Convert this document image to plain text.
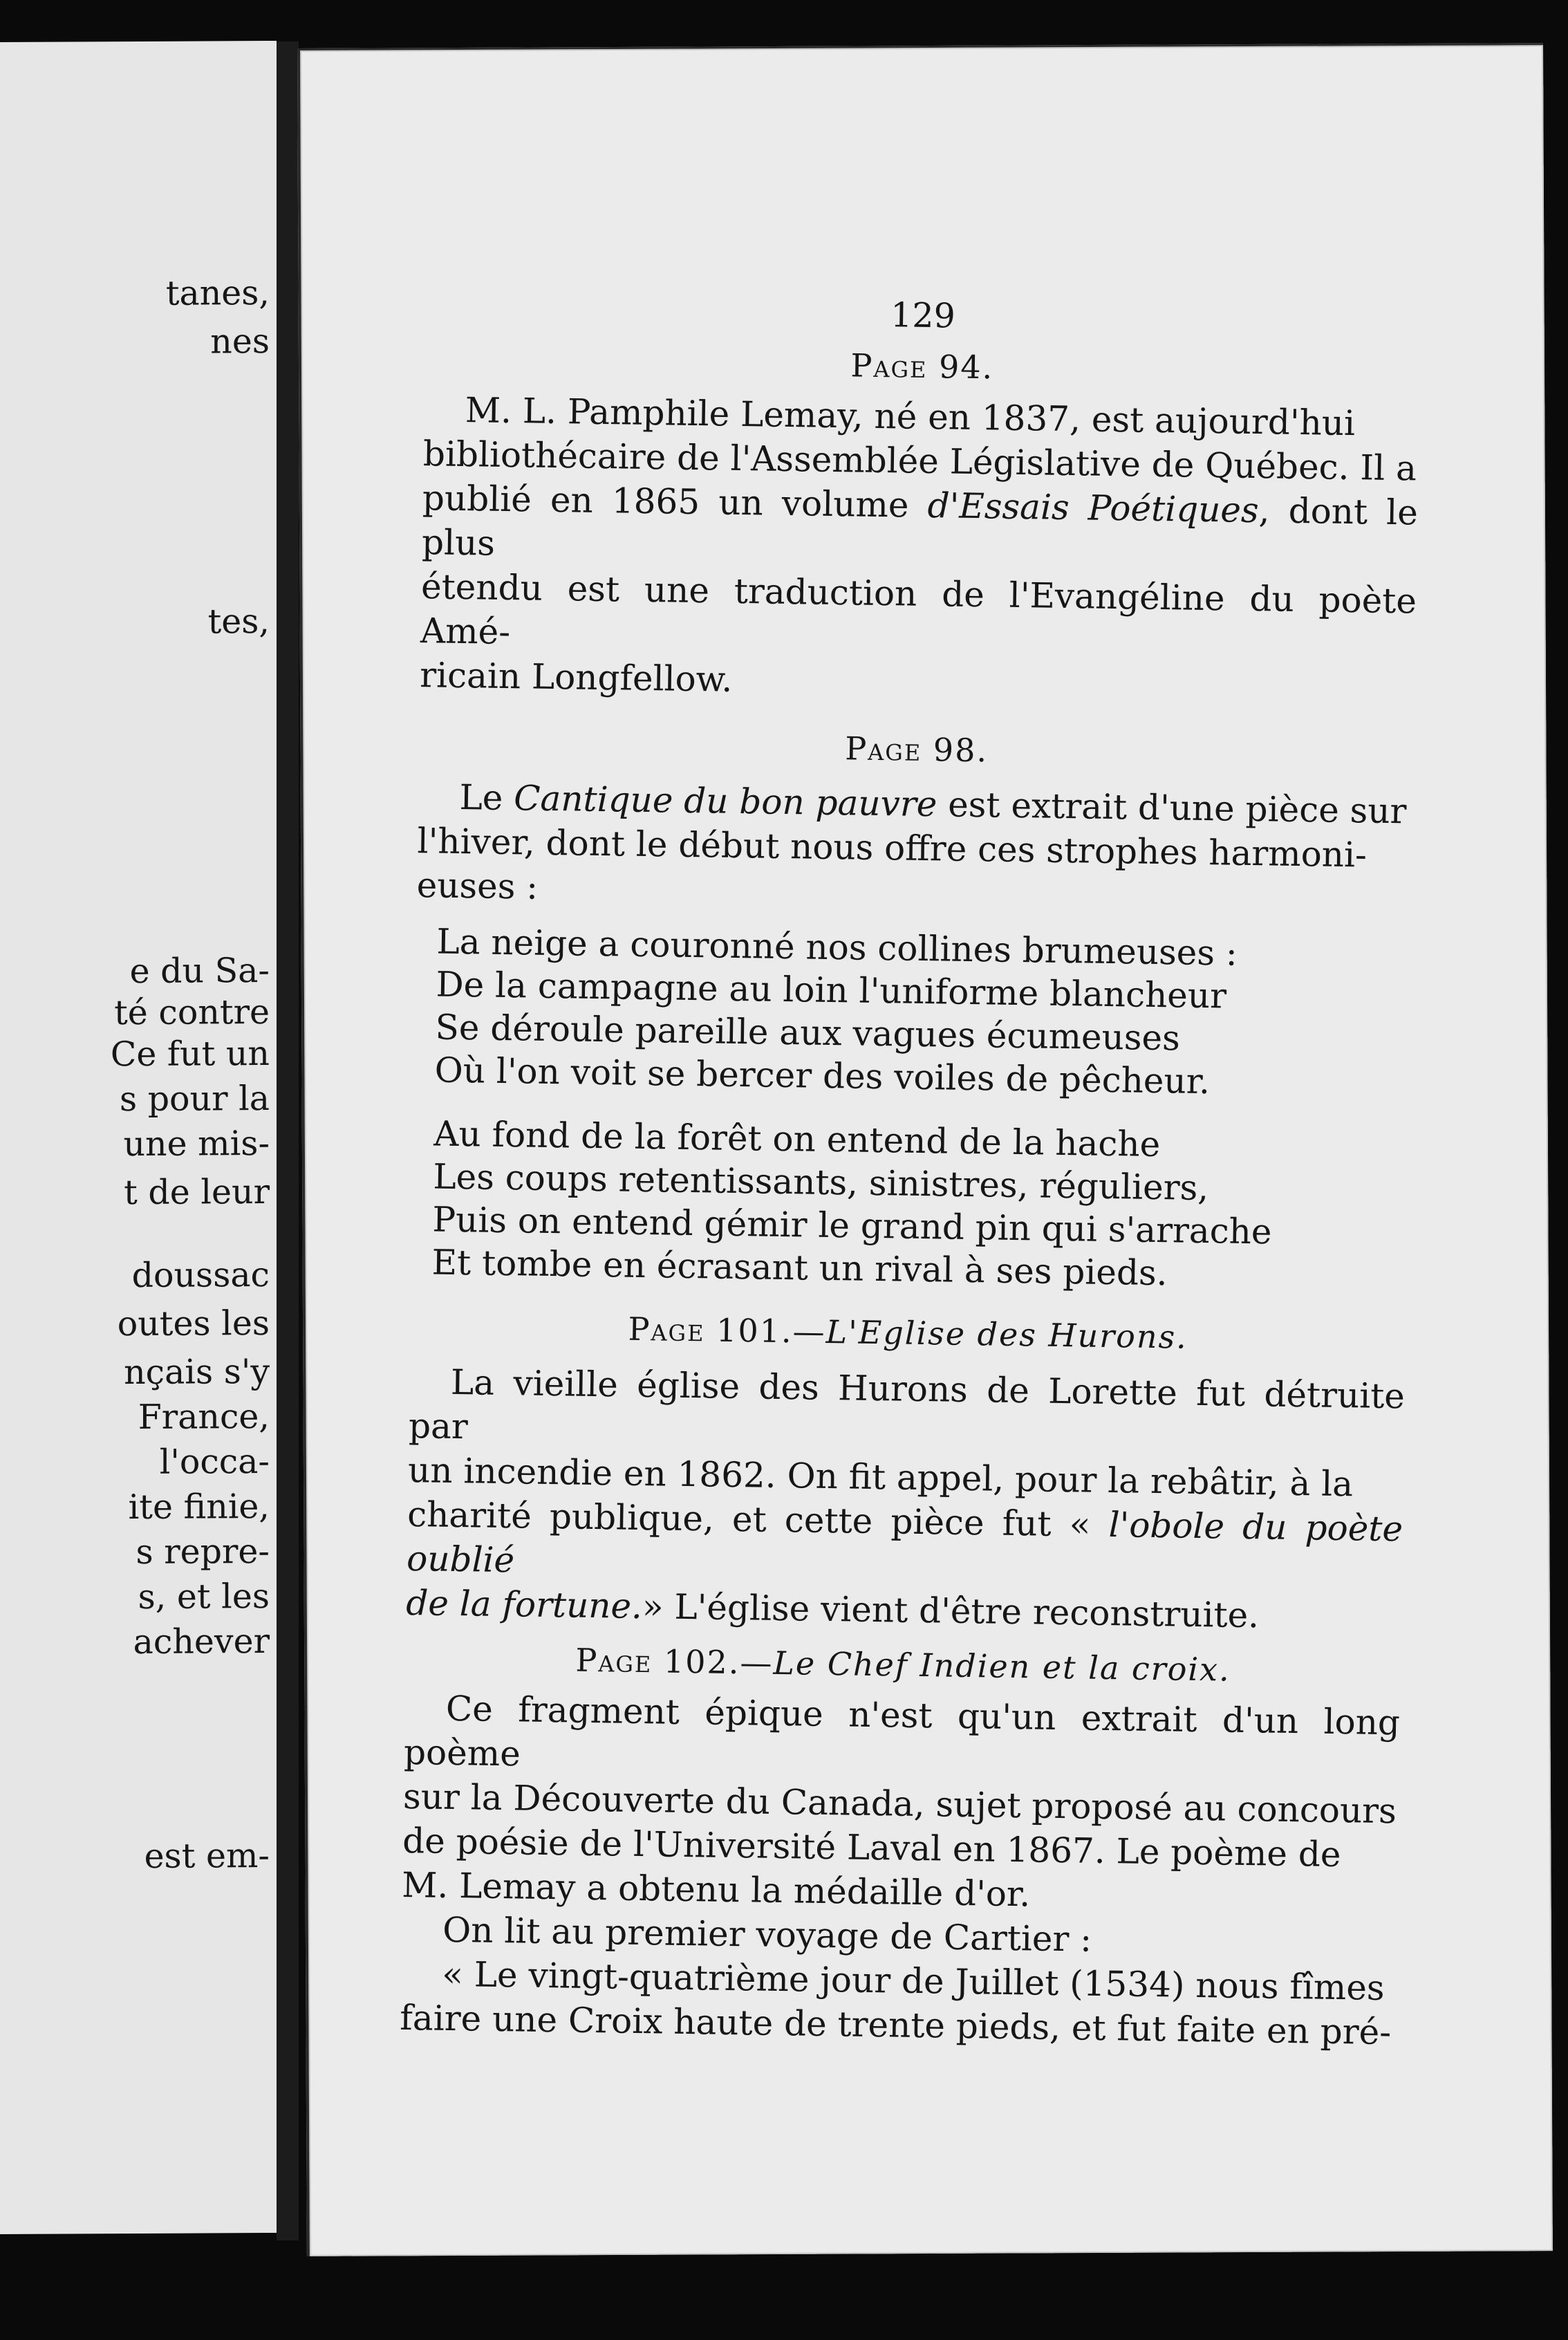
tanes,
nes
tes,
e du Sa-
té contre
Ce fut un
s pour la
une mis-
t de leur
doussac
outes les
nçais s'y
France,
l'occa-
ite finie,
s repre-
s, et les
achever
est em-

129

Page 94.

M. L. Pamphile Lemay, né en 1837, est aujourd'hui
bibliothécaire de l'Assemblée Législative de Québec. Il a
publié en 1865 un volume d'Essais Poétiques, dont le plus
étendu est une traduction de l'Evangéline du poète Amé-
ricain Longfellow.

Page 98.

Le Cantique du bon pauvre est extrait d'une pièce sur
l'hiver, dont le début nous offre ces strophes harmoni-
euses :

La neige a couronné nos collines brumeuses :

De la campagne au loin l'uniforme blancheur

Se déroule pareille aux vagues écumeuses

Où l'on voit se bercer des voiles de pêcheur.

Au fond de la forêt on entend de la hache

Les coups retentissants, sinistres, réguliers,

Puis on entend gémir le grand pin qui s'arrache

Et tombe en écrasant un rival à ses pieds.

Page 101.—L'Eglise des Hurons.

La vieille église des Hurons de Lorette fut détruite par
un incendie en 1862. On fit appel, pour la rebâtir, à la
charité publique, et cette pièce fut « l'obole du poète oublié
de la fortune.» L'église vient d'être reconstruite.

Page 102.—Le Chef Indien et la croix.

Ce fragment épique n'est qu'un extrait d'un long poème
sur la Découverte du Canada, sujet proposé au concours
de poésie de l'Université Laval en 1867. Le poème de
M. Lemay a obtenu la médaille d'or.

On lit au premier voyage de Cartier :

« Le vingt-quatrième jour de Juillet (1534) nous fîmes
faire une Croix haute de trente pieds, et fut faite en pré-
